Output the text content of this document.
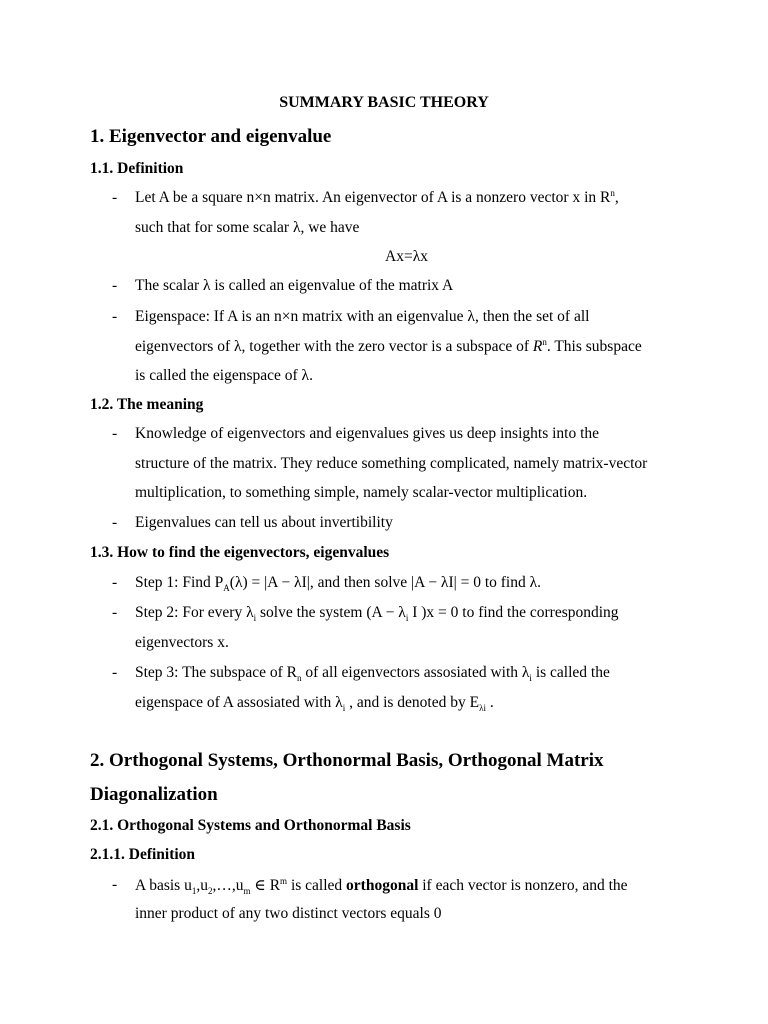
SUMMARY BASIC THEORY
1. Eigenvector and eigenvalue
1.1. Definition
- Let A be a square n×n matrix. An eigenvector of A is a nonzero vector x in $R^n$,
such that for some scalar λ, we have
Ax=λx
- The scalar λ is called an eigenvalue of the matrix A
- Eigenspace: If A is an n×n matrix with an eigenvalue λ, then the set of all
eigenvectors of λ, together with the zero vector is a subspace of $R^n$. This subspace
is called the eigenspace of λ.
1.2. The meaning
- Knowledge of eigenvectors and eigenvalues gives us deep insights into the
structure of the matrix. They reduce something complicated, namely matrix-vector
multiplication, to something simple, namely scalar-vector multiplication.
- Eigenvalues can tell us about invertibility
1.3. How to find the eigenvectors, eigenvalues
- Step 1: Find $P_A(\lambda) = |A - \lambda I|$, and then solve |A − λI| = 0 to find λ.
- Step 2: For every $\lambda_i$ solve the system ($A - \lambda_i$ I )x = 0 to find the corresponding
eigenvectors x.
- Step 3: The subspace of $R_n$ of all eigenvectors assosiated with $\lambda_i$ is called the
eigenspace of A assosiated with $\lambda_i$ , and is denoted by $E_{\lambda i}$ .
2. Orthogonal Systems, Orthonormal Basis, Orthogonal Matrix
Diagonalization
2.1. Orthogonal Systems and Orthonormal Basis
2.1.1. Definition
- A basis $u_1,u_2,\dots,u_m$ ∈ $R^m$ is called orthogonal if each vector is nonzero, and the
inner product of any two distinct vectors equals 0
